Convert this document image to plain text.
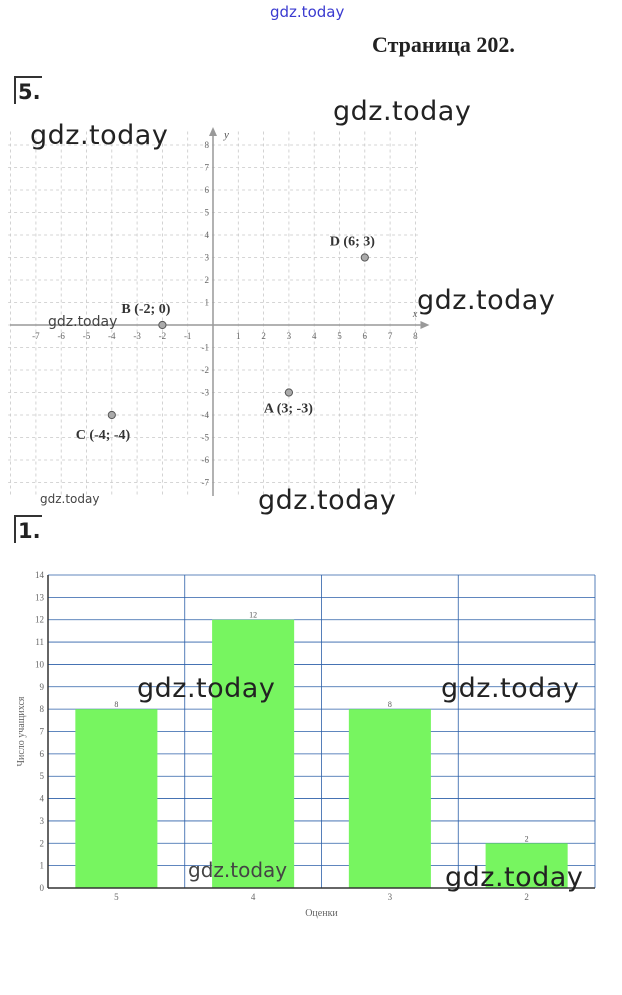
gdz.today
Страница 202.
5.
x
y
-7 -6 -5 -4 -3 -2 -1	1 2 3 4 5 6 7 8
8
7
6
5
4
3
2
1
-1
-2
-3
-4
-5
-6
-7
D (6; 3)
B (-2; 0)
A (3; -3)
C (-4; -4)
gdz.today
gdz.today
gdz.today
gdz.today
gdz.today	gdz.today
1.
8
5
12
4
8
3
2
2
0
1
2
3
4
5
6
7
8
9
10
11
12
13
14
Оценки
Число учащихся
gdz.today	gdz.today
gdz.today	gdz.today
